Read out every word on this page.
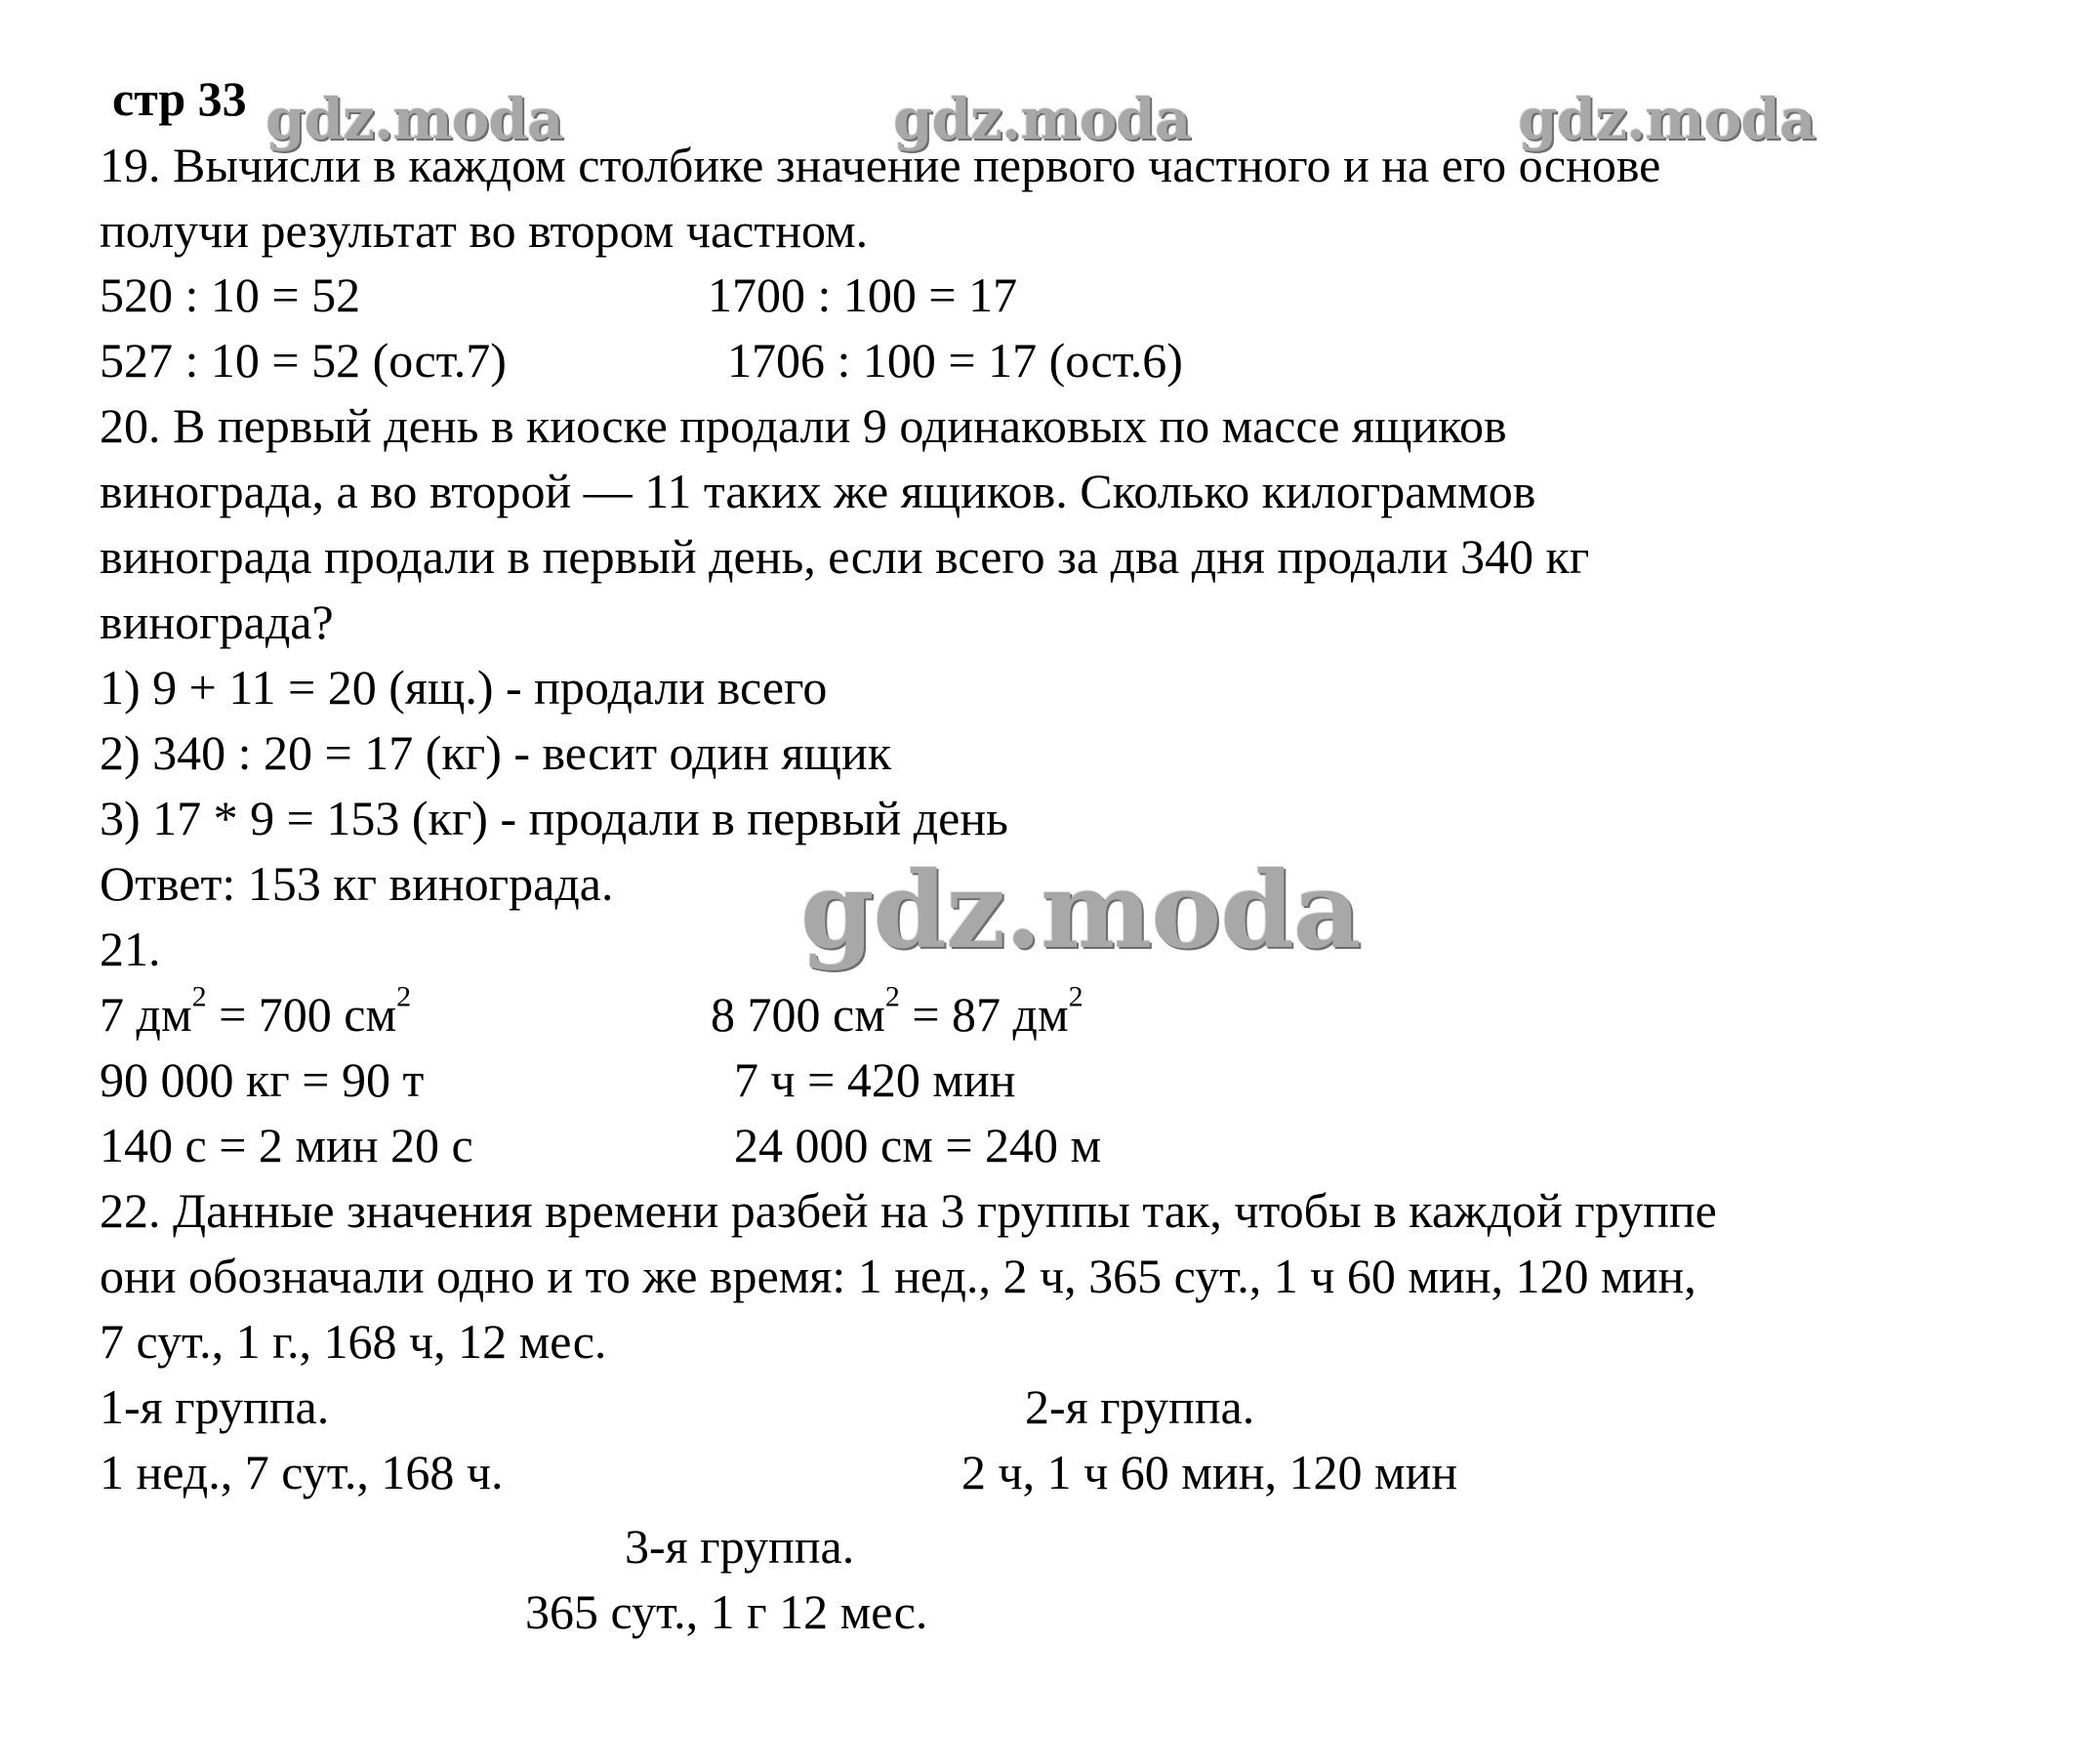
gdz.moda	gdz.moda	gdz.moda
gdz.moda
стр 33
19. Вычисли в каждом столбике значение первого частного и на его основе
получи результат во втором частном.
520 : 10 = 52	1700 : 100 = 17
527 : 10 = 52 (ост.7)	1706 : 100 = 17 (ост.6)
20. В первый день в киоске продали 9 одинаковых по массе ящиков
винограда, а во второй — 11 таких же ящиков. Сколько килограммов
винограда продали в первый день, если всего за два дня продали 340 кг
винограда?
1) 9 + 11 = 20 (ящ.) - продали всего
2) 340 : 20 = 17 (кг) - весит один ящик
3) 17 * 9 = 153 (кг) - продали в первый день
Ответ: 153 кг винограда.
21.
7 $дм^2 = 700$ $см^2$	8 700 $см^2 = 87$ $дм^2$
90 000 кг = 90 т	7 ч = 420 мин
140 с = 2 мин 20 с	24 000 см = 240 м
22. Данные значения времени разбей на 3 группы так, чтобы в каждой группе
они обозначали одно и то же время: 1 нед., 2 ч, 365 сут., 1 ч 60 мин, 120 мин,
7 сут., 1 г., 168 ч, 12 мес.
1-я группа.	2-я группа.
1 нед., 7 сут., 168 ч.	2 ч, 1 ч 60 мин, 120 мин
3-я группа.
365 сут., 1 г 12 мес.
